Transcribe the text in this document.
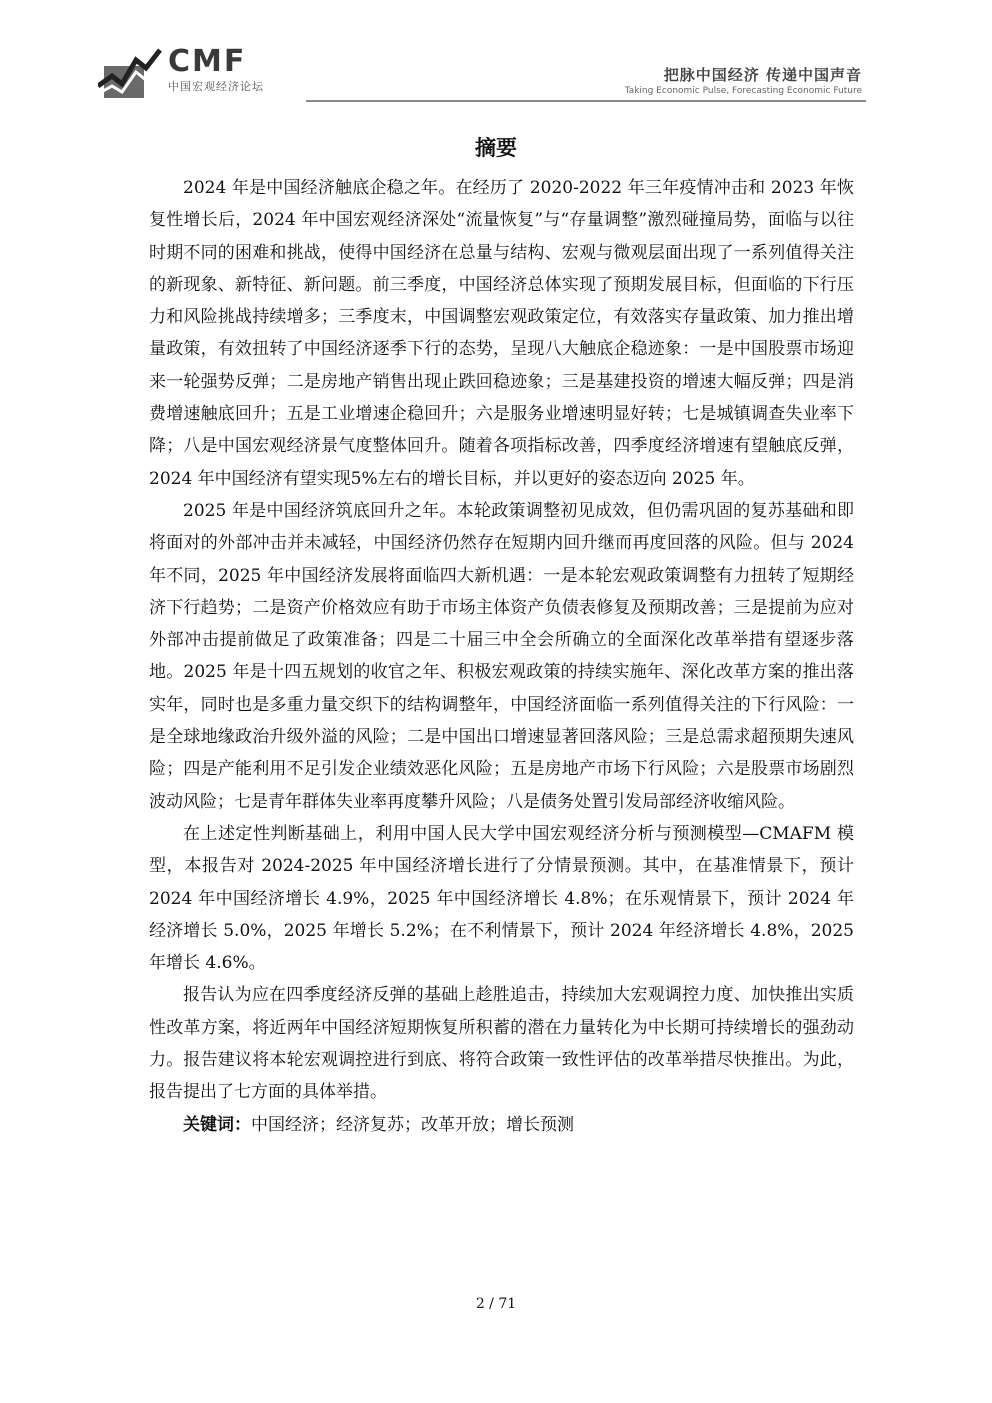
CMF
中国宏观经济论坛
把脉中国经济 传递中国声音
Taking Economic Pulse, Forecasting Economic Future
摘要

2024 年是中国经济触底企稳之年。在经历了 2020-2022 年三年疫情冲击和 2023 年恢复性增长后，2024 年中国宏观经济深处“流量恢复”与“存量调整”激烈碰撞局势，面临与以往时期不同的困难和挑战，使得中国经济在总量与结构、宏观与微观层面出现了一系列值得关注的新现象、新特征、新问题。前三季度，中国经济总体实现了预期发展目标，但面临的下行压力和风险挑战持续增多；三季度末，中国调整宏观政策定位，有效落实存量政策、加力推出增量政策，有效扭转了中国经济逐季下行的态势，呈现八大触底企稳迹象：一是中国股票市场迎来一轮强势反弹；二是房地产销售出现止跌回稳迹象；三是基建投资的增速大幅反弹；四是消费增速触底回升；五是工业增速企稳回升；六是服务业增速明显好转；七是城镇调查失业率下降；八是中国宏观经济景气度整体回升。随着各项指标改善，四季度经济增速有望触底反弹，2024 年中国经济有望实现5%左右的增长目标，并以更好的姿态迈向 2025 年。

2025 年是中国经济筑底回升之年。本轮政策调整初见成效，但仍需巩固的复苏基础和即将面对的外部冲击并未减轻，中国经济仍然存在短期内回升继而再度回落的风险。但与 2024 年不同，2025 年中国经济发展将面临四大新机遇：一是本轮宏观政策调整有力扭转了短期经济下行趋势；二是资产价格效应有助于市场主体资产负债表修复及预期改善；三是提前为应对外部冲击提前做足了政策准备；四是二十届三中全会所确立的全面深化改革举措有望逐步落地。2025 年是十四五规划的收官之年、积极宏观政策的持续实施年、深化改革方案的推出落实年，同时也是多重力量交织下的结构调整年，中国经济面临一系列值得关注的下行风险：一是全球地缘政治升级外溢的风险；二是中国出口增速显著回落风险；三是总需求超预期失速风险；四是产能利用不足引发企业绩效恶化风险；五是房地产市场下行风险；六是股票市场剧烈波动风险；七是青年群体失业率再度攀升风险；八是债务处置引发局部经济收缩风险。

在上述定性判断基础上，利用中国人民大学中国宏观经济分析与预测模型—CMAFM 模型，本报告对 2024-2025 年中国经济增长进行了分情景预测。其中，在基准情景下，预计 2024 年中国经济增长 4.9%，2025 年中国经济增长 4.8%；在乐观情景下，预计 2024 年经济增长 5.0%，2025 年增长 5.2%；在不利情景下，预计 2024 年经济增长 4.8%，2025 年增长 4.6%。

报告认为应在四季度经济反弹的基础上趁胜追击，持续加大宏观调控力度、加快推出实质性改革方案，将近两年中国经济短期恢复所积蓄的潜在力量转化为中长期可持续增长的强劲动力。报告建议将本轮宏观调控进行到底、将符合政策一致性评估的改革举措尽快推出。为此，报告提出了七方面的具体举措。

关键词：中国经济；经济复苏；改革开放；增长预测

2 / 71
